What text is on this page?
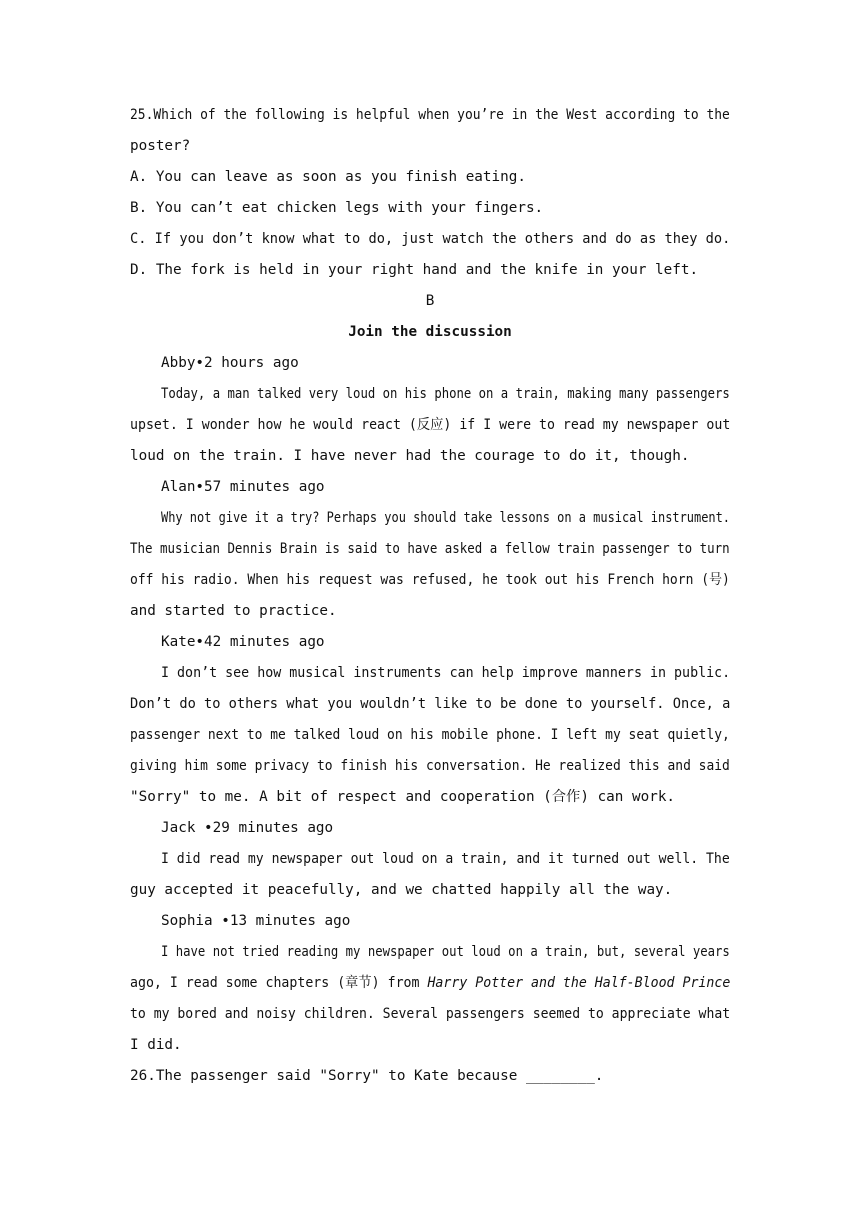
25.Which of the following is helpful when you’re in the West according to the
poster?
A. You can leave as soon as you finish eating.
B. You can’t eat chicken legs with your fingers.
C. If you don’t know what to do, just watch the others and do as they do.
D. The fork is held in your right hand and the knife in your left.
B
Join the discussion
Abby•2 hours ago
Today, a man talked very loud on his phone on a train, making many passengers
upset. I wonder how he would react (反应) if I were to read my newspaper out
loud on the train. I have never had the courage to do it, though.
Alan•57 minutes ago
Why not give it a try? Perhaps you should take lessons on a musical instrument.
The musician Dennis Brain is said to have asked a fellow train passenger to turn
off his radio. When his request was refused, he took out his French horn (号)
and started to practice.
Kate•42 minutes ago
I don’t see how musical instruments can help improve manners in public.
Don’t do to others what you wouldn’t like to be done to yourself. Once, a
passenger next to me talked loud on his mobile phone. I left my seat quietly,
giving him some privacy to finish his conversation. He realized this and said
"Sorry" to me. A bit of respect and cooperation (合作) can work.
Jack •29 minutes ago
I did read my newspaper out loud on a train, and it turned out well. The
guy accepted it peacefully, and we chatted happily all the way.
Sophia •13 minutes ago
I have not tried reading my newspaper out loud on a train, but, several years
ago, I read some chapters (章节) from Harry Potter and the Half-Blood Prince
to my bored and noisy children. Several passengers seemed to appreciate what
I did.
26.The passenger said "Sorry" to Kate because ________.
